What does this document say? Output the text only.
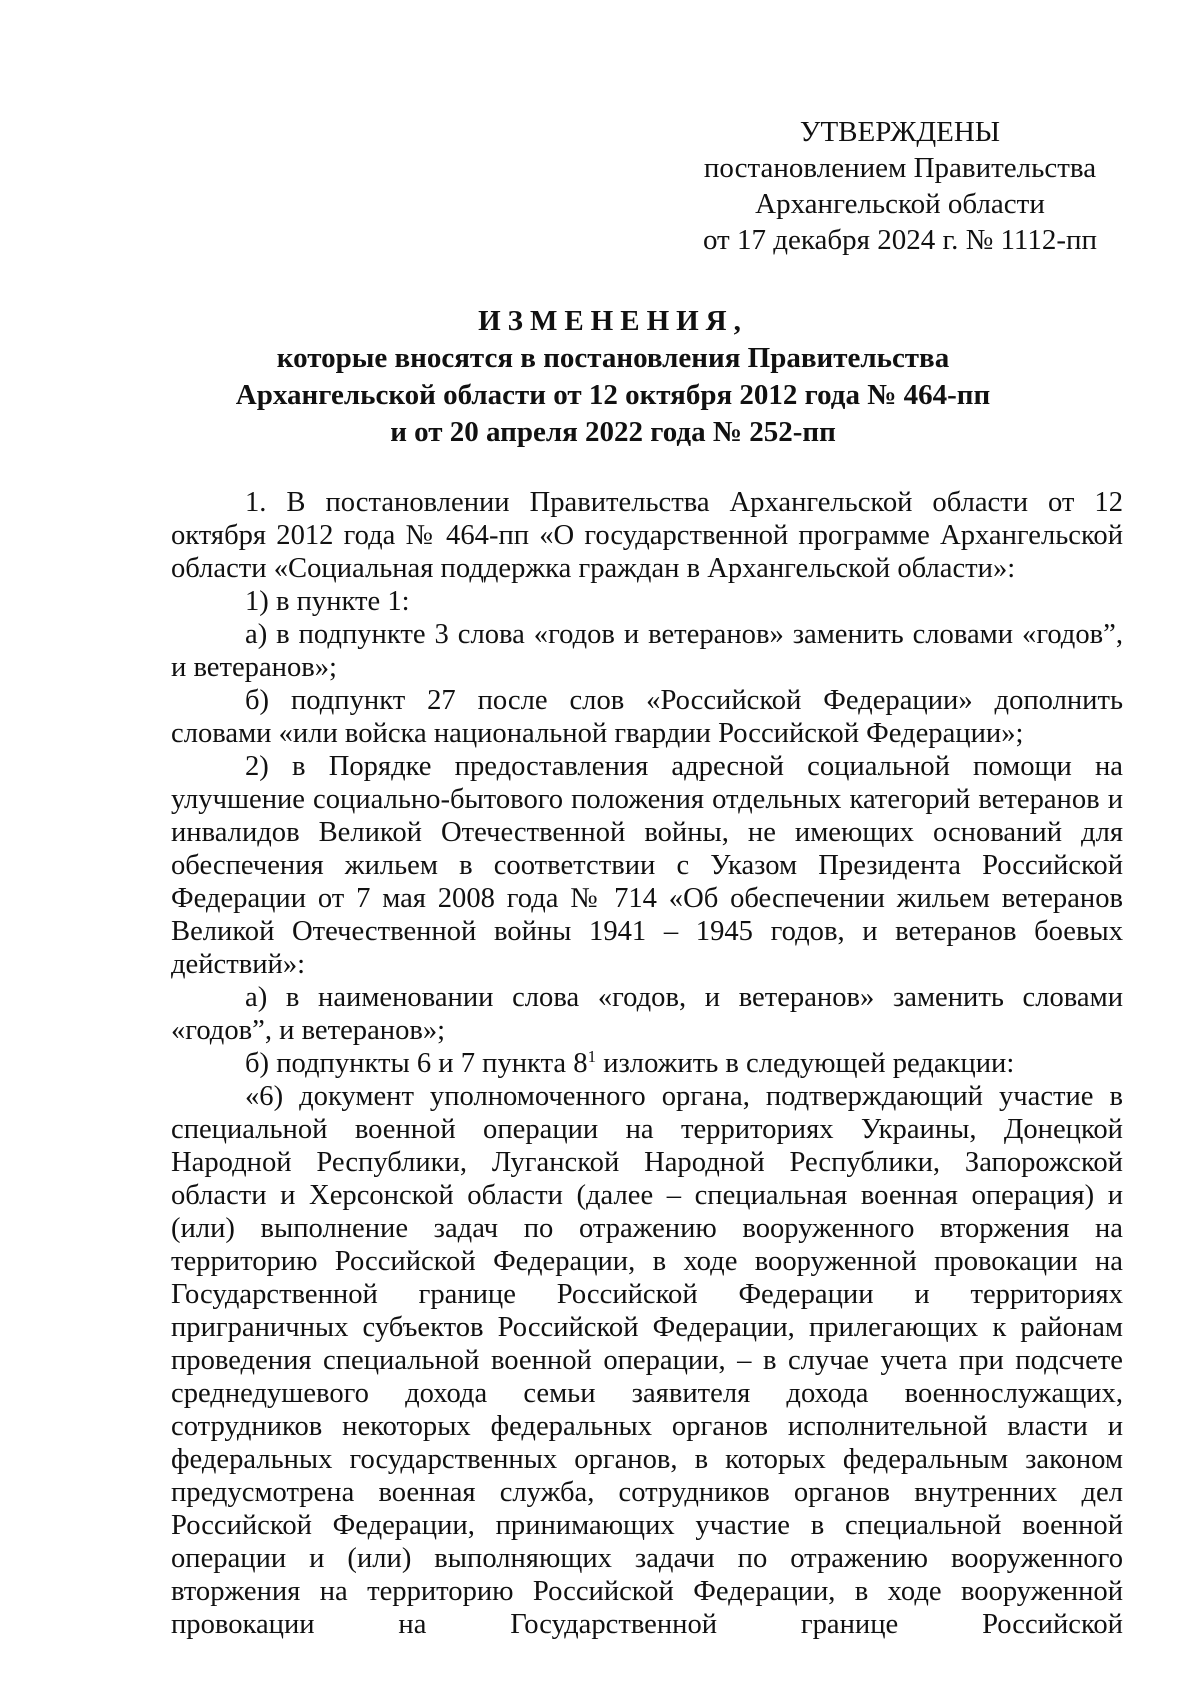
УТВЕРЖДЕНЫ
постановлением Правительства
Архангельской области
от 17 декабря 2024 г. № 1112-пп
ИЗМЕНЕНИЯ,
которые вносятся в постановления Правительства
Архангельской области от 12 октября 2012 года № 464-пп
и от 20 апреля 2022 года № 252-пп

1. В постановлении Правительства Архангельской области от 12 октября 2012 года № 464-пп «О государственной программе Архангельской области «Социальная поддержка граждан в Архангельской области»:

1) в пункте 1:

а) в подпункте 3 слова «годов и ветеранов» заменить словами «годов”, и ветеранов»;

б) подпункт 27 после слов «Российской Федерации» дополнить словами «или войска национальной гвардии Российской Федерации»;

2) в Порядке предоставления адресной социальной помощи на улучшение социально-бытового положения отдельных категорий ветеранов и инвалидов Великой Отечественной войны, не имеющих оснований для обеспечения жильем в соответствии с Указом Президента Российской Федерации от 7 мая 2008 года № 714 «Об обеспечении жильем ветеранов Великой Отечественной войны 1941 – 1945 годов, и ветеранов боевых действий»:

а) в наименовании слова «годов, и ветеранов» заменить словами «годов”, и ветеранов»;

б) подпункты 6 и 7 пункта $8^1$ изложить в следующей редакции:

«6) документ уполномоченного органа, подтверждающий участие в специальной военной операции на территориях Украины, Донецкой Народной Республики, Луганской Народной Республики, Запорожской области и Херсонской области (далее – специальная военная операция) и (или) выполнение задач по отражению вооруженного вторжения на территорию Российской Федерации, в ходе вооруженной провокации на Государственной границе Российской Федерации и территориях приграничных субъектов Российской Федерации, прилегающих к районам проведения специальной военной операции, – в случае учета при подсчете среднедушевого дохода семьи заявителя дохода военнослужащих, сотрудников некоторых федеральных органов исполнительной власти и федеральных государственных органов, в которых федеральным законом предусмотрена военная служба, сотрудников органов внутренних дел Российской Федерации, принимающих участие в специальной военной операции и (или) выполняющих задачи по отражению вооруженного вторжения на территорию Российской Федерации, в ходе вооруженной провокации на Государственной границе Российской
